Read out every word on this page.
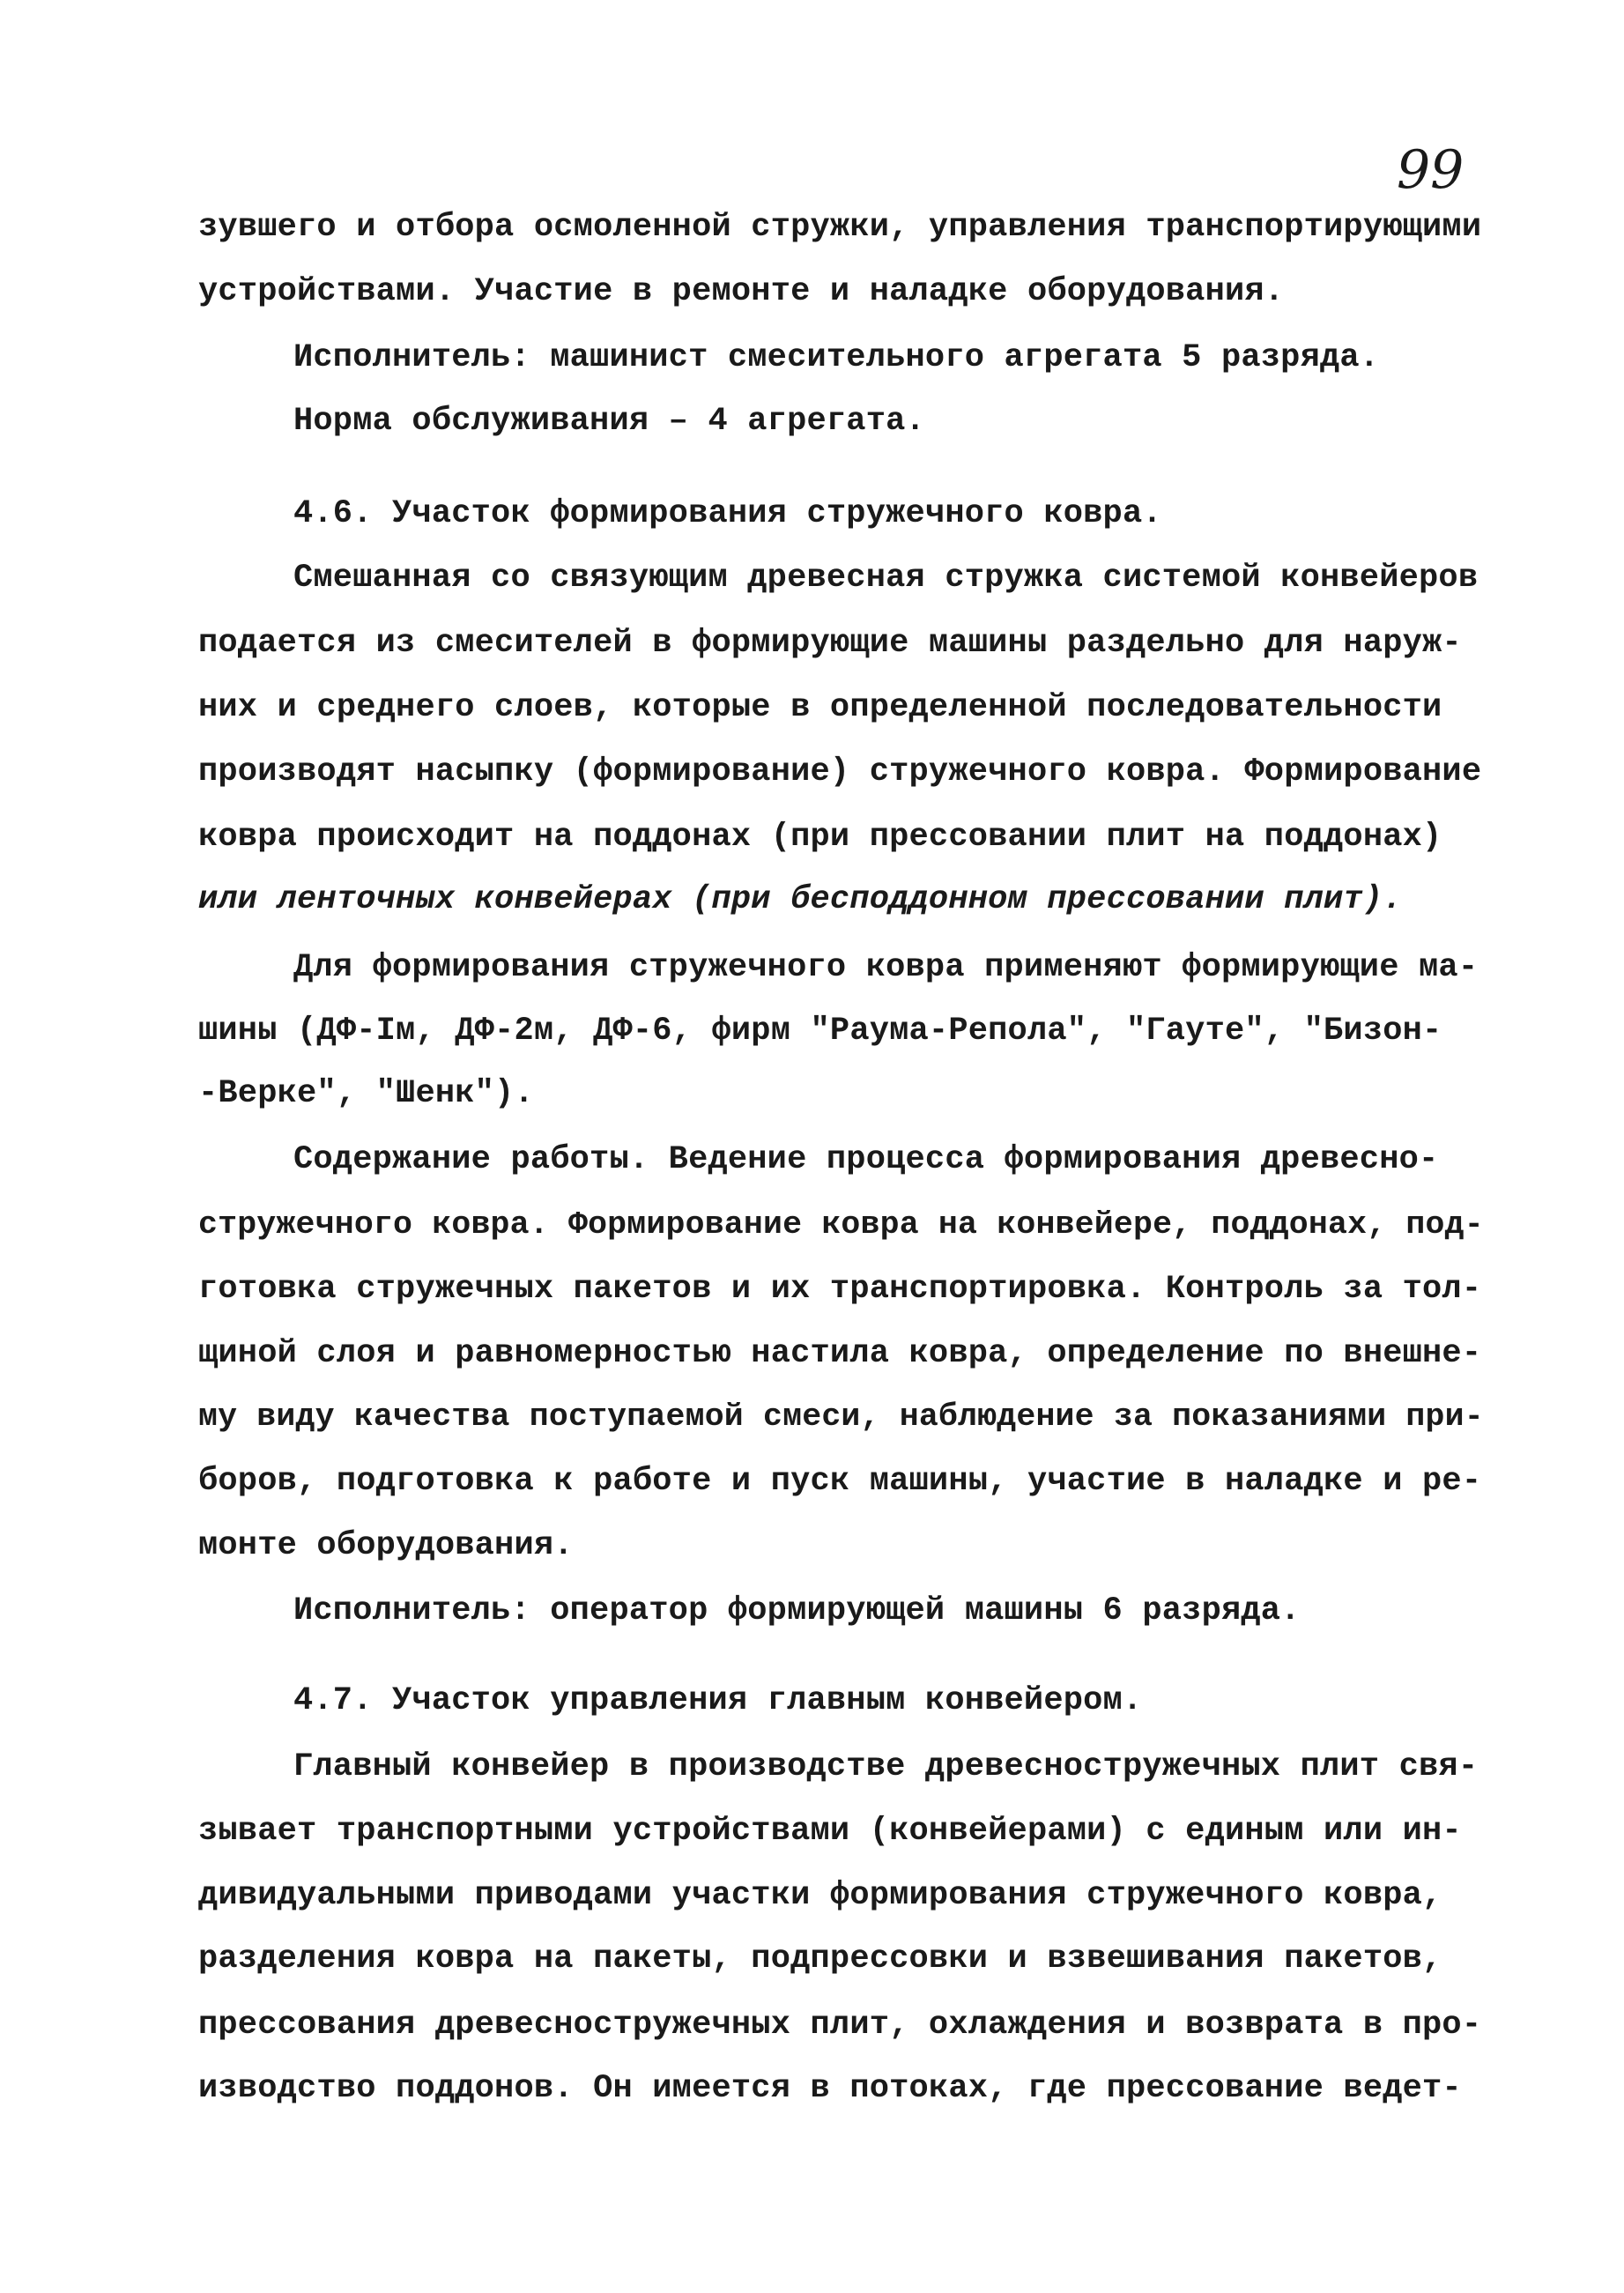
99
зувшего и отбора осмоленной стружки, управления транспортирующими
устройствами. Участие в ремонте и наладке оборудования.
Исполнитель: машинист смесительного агрегата 5 разряда.
Норма обслуживания – 4 агрегата.
4.6. Участок формирования стружечного ковра.
Смешанная со связующим древесная стружка системой конвейеров
подается из смесителей в формирующие машины раздельно для наруж-
них и среднего слоев, которые в определенной последовательности
производят насыпку (формирование) стружечного ковра. Формирование
ковра происходит на поддонах (при прессовании плит на поддонах)
или ленточных конвейерах (при бесподдонном прессовании плит).
Для формирования стружечного ковра применяют формирующие ма-
шины (ДФ-Iм, ДФ-2м, ДФ-6, фирм "Раума-Репола", "Гауте", "Бизон-
-Верке", "Шенк").
Содержание работы. Ведение процесса формирования древесно-
стружечного ковра. Формирование ковра на конвейере, поддонах, под-
готовка стружечных пакетов и их транспортировка. Контроль за тол-
щиной слоя и равномерностью настила ковра, определение по внешне-
му виду качества поступаемой смеси, наблюдение за показаниями при-
боров, подготовка к работе и пуск машины, участие в наладке и ре-
монте оборудования.
Исполнитель: оператор формирующей машины 6 разряда.
4.7. Участок управления главным конвейером.
Главный конвейер в производстве древесностружечных плит свя-
зывает транспортными устройствами (конвейерами) с единым или ин-
дивидуальными приводами участки формирования стружечного ковра,
разделения ковра на пакеты, подпрессовки и взвешивания пакетов,
прессования древесностружечных плит, охлаждения и возврата в про-
изводство поддонов. Он имеется в потоках, где прессование ведет-
